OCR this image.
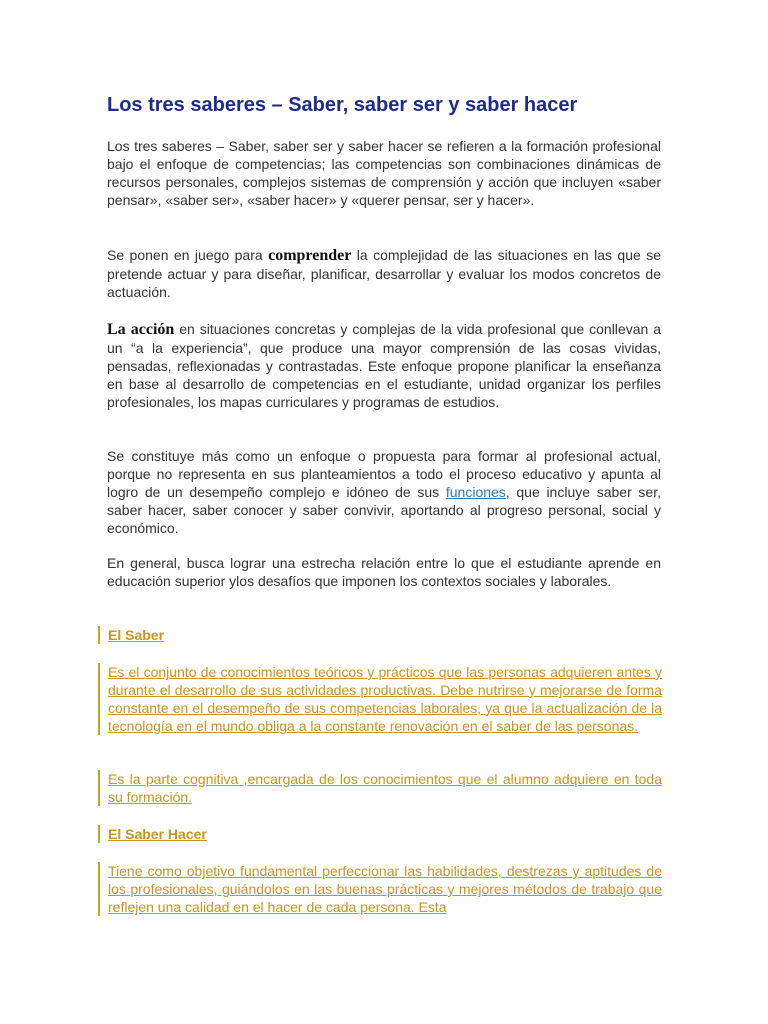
Los tres saberes – Saber, saber ser y saber hacer

Los tres saberes – Saber, saber ser y saber hacer se refieren a la formación profesional bajo el enfoque de competencias; las competencias son combinaciones dinámicas de recursos personales, complejos sistemas de comprensión y acción que incluyen «saber pensar», «saber ser», «saber hacer» y «querer pensar, ser y hacer».

Se ponen en juego para comprender la complejidad de las situaciones en las que se pretende actuar y para diseñar, planificar, desarrollar y evaluar los modos concretos de actuación.

La acción en situaciones concretas y complejas de la vida profesional que conllevan a un “a la experiencia”, que produce una mayor comprensión de las cosas vividas, pensadas, reflexionadas y contrastadas. Este enfoque propone planificar la enseñanza en base al desarrollo de competencias en el estudiante, unidad organizar los perfiles profesionales, los mapas curriculares y programas de estudios.

Se constituye más como un enfoque o propuesta para formar al profesional actual, porque no representa en sus planteamientos a todo el proceso educativo y apunta al logro de un desempeño complejo e idóneo de sus funciones, que incluye saber ser, saber hacer, saber conocer y saber convivir, aportando al progreso personal, social y económico.

En general, busca lograr una estrecha relación entre lo que el estudiante aprende en educación superior ylos desafíos que imponen los contextos sociales y laborales.

El Saber

Es el conjunto de conocimientos teóricos y prácticos que las personas adquieren antes y durante el desarrollo de sus actividades productivas. Debe nutrirse y mejorarse de forma constante en el desempeño de sus competencias laborales, ya que la actualización de la tecnología en el mundo obliga a la constante renovación en el saber de las personas.

Es la parte cognitiva ,encargada de los conocimientos que el alumno adquiere en toda su formación.

El Saber Hacer

Tiene como objetivo fundamental perfeccionar las habilidades, destrezas y aptitudes de los profesionales, guiándolos en las buenas prácticas y mejores métodos de trabajo que reflejen una calidad en el hacer de cada persona. Esta
